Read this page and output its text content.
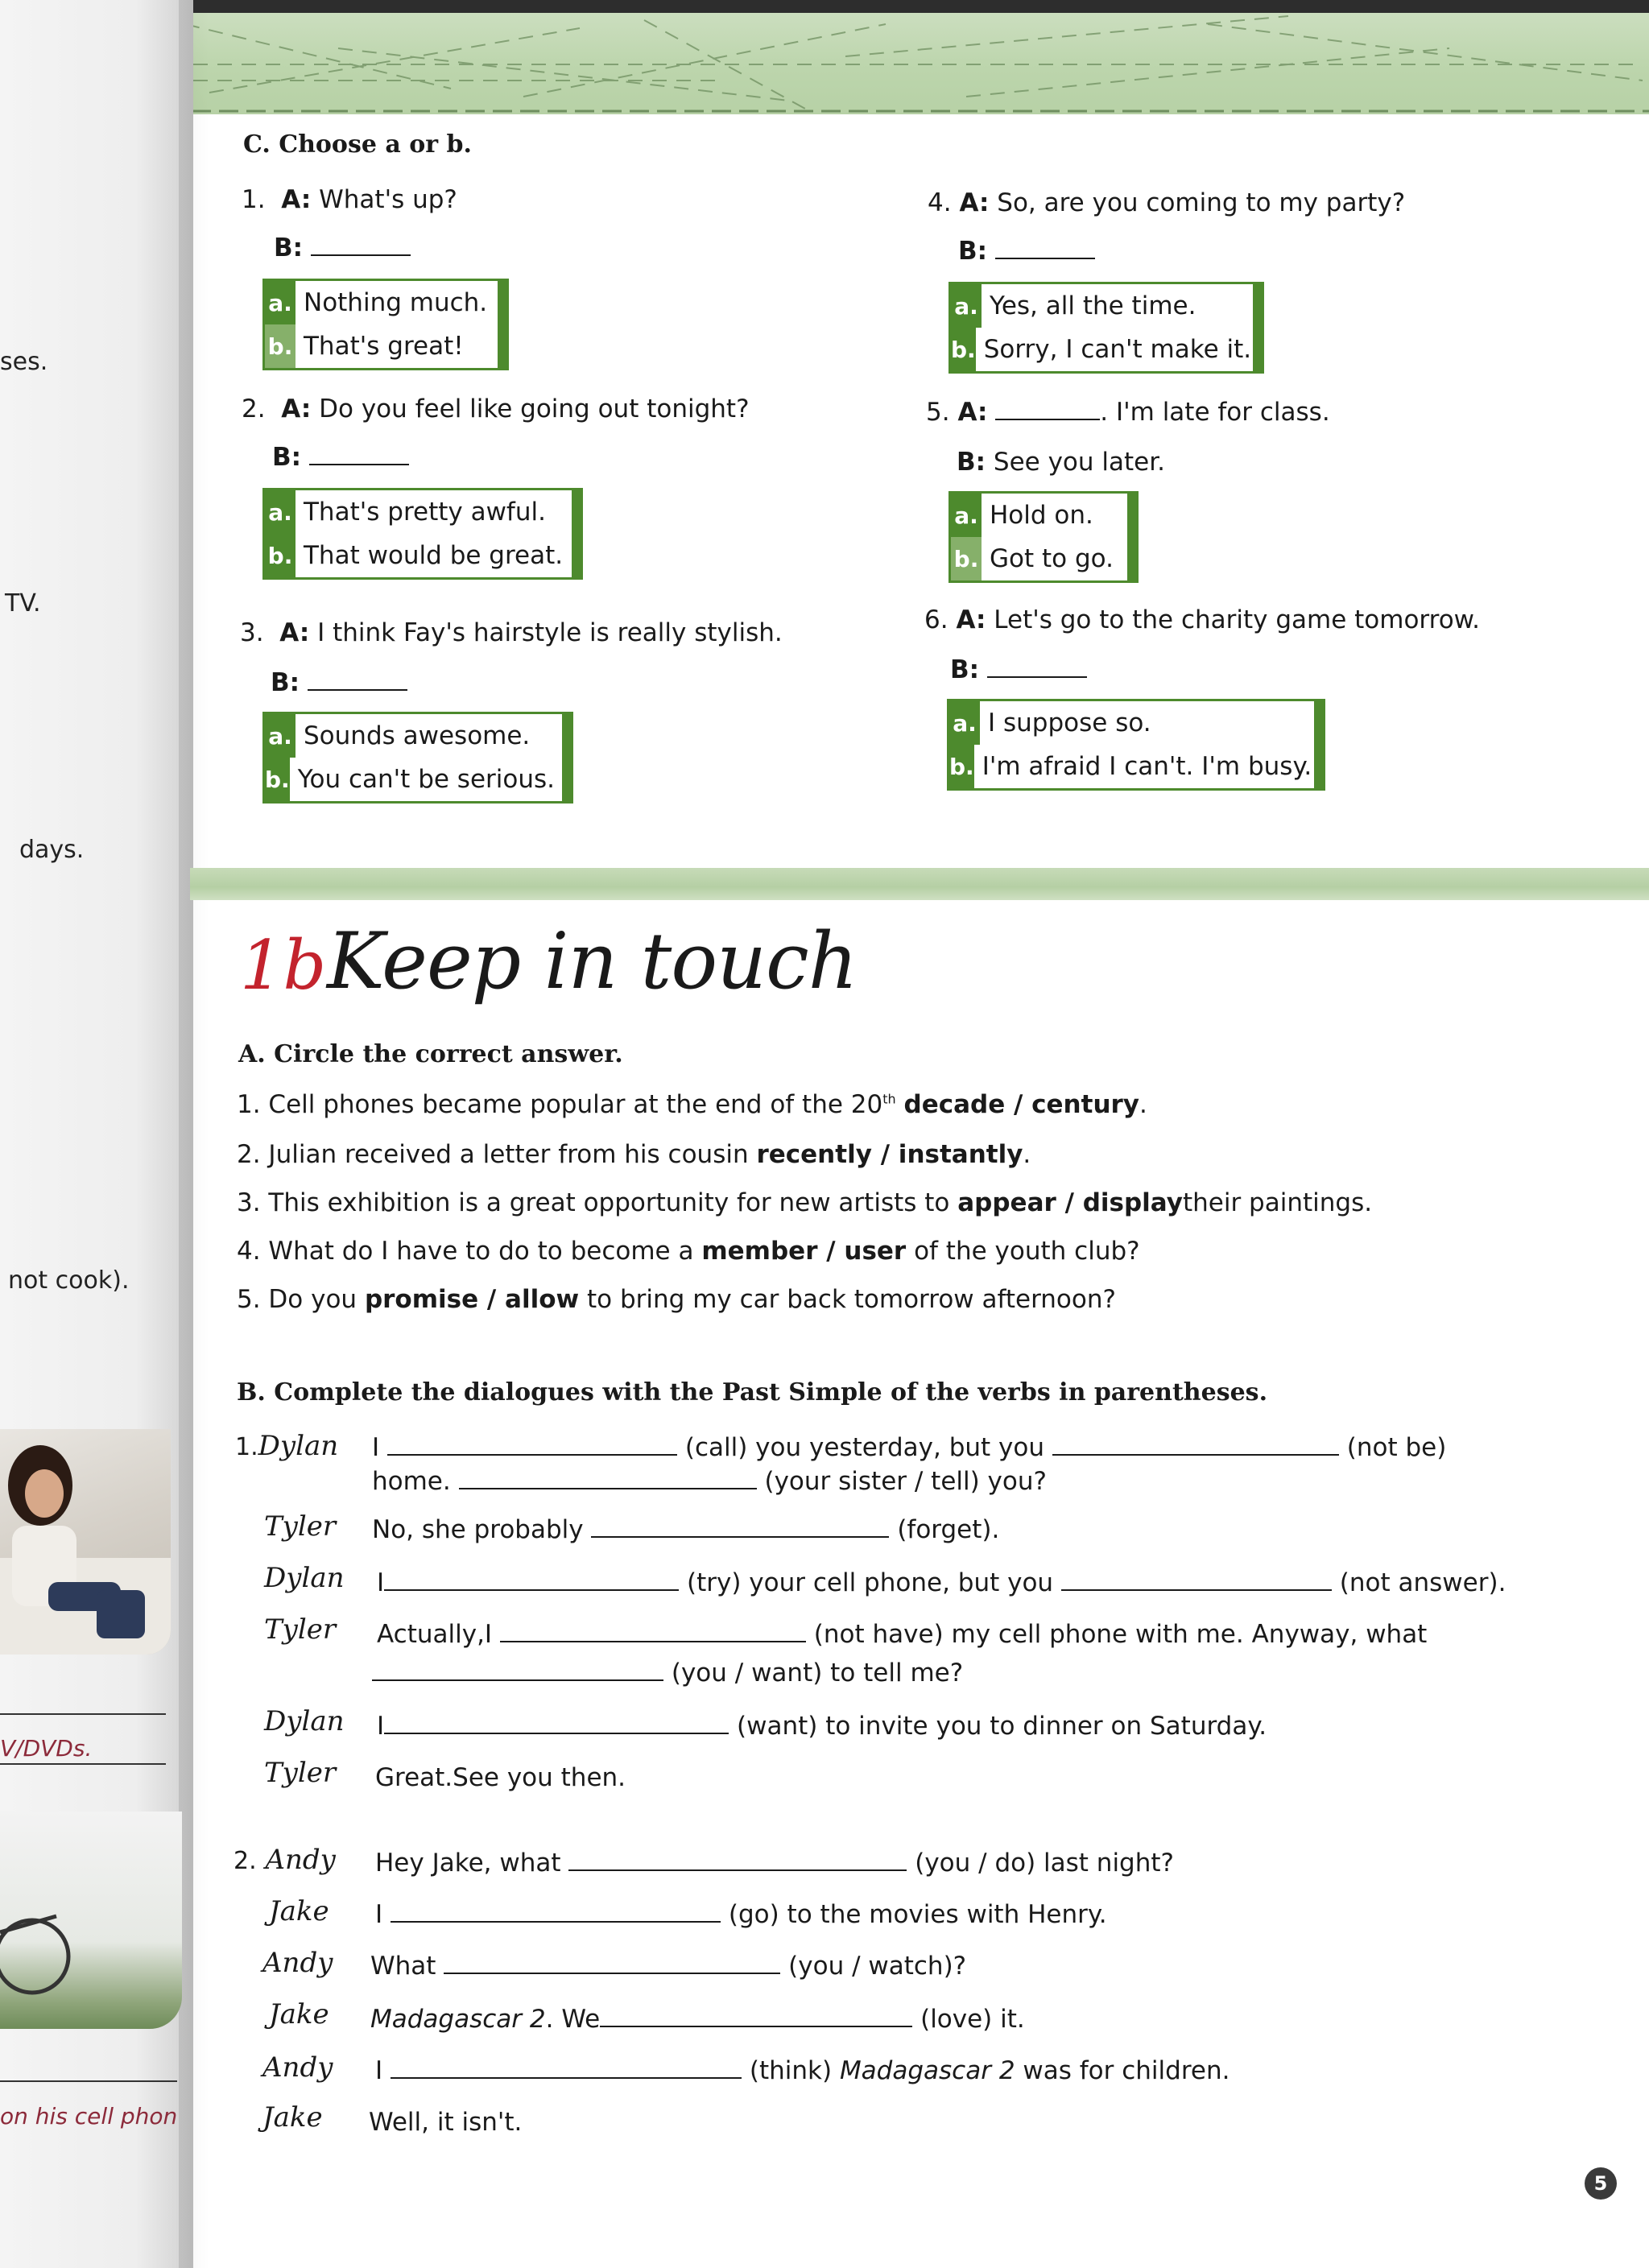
ses.
TV.
days.
not cook).
V/DVDs.
on his cell phon
C. Choose a or b.
1. A: What's up?
B:
a. Nothing much.
b. That's great!
2. A: Do you feel like going out tonight?
B:
a. That's pretty awful.
b. That would be great.
3. A: I think Fay's hairstyle is really stylish.
B:
a. Sounds awesome.
b. You can't be serious.
4. A: So, are you coming to my party?
B:
a. Yes, all the time.
b. Sorry, I can't make it.
5. A:	. I'm late for class.
B: See you later.
a. Hold on.
b. Got to go.
6. A: Let's go to the charity game tomorrow.
B:
a. I suppose so.
b. I'm afraid I can't. I'm busy.
1b Keep in touch
A. Circle the correct answer.
1. Cell phones became popular at the end of the 20th decade / century.
2. Julian received a letter from his cousin recently / instantly.
3. This exhibition is a great opportunity for new artists to appear / displaytheir paintings.
4. What do I have to do to become a member / user of the youth club?
5. Do you promise / allow to bring my car back tomorrow afternoon?
B. Complete the dialogues with the Past Simple of the verbs in parentheses.
1.Dylan I	(call) you yesterday, but you	(not be)
home.	(your sister / tell) you?
Tyler No, she probably	(forget).
Dylan I	(try) your cell phone, but you	(not answer).
Tyler Actually,I	(not have) my cell phone with me. Anyway, what
(you / want) to tell me?
Dylan I	(want) to invite you to dinner on Saturday.
Tyler Great.See you then.
2. Andy Hey Jake, what	(you / do) last night?
Jake I	(go) to the movies with Henry.
Andy What	(you / watch)?
Jake Madagascar 2. We	(love) it.
Andy I	(think) Madagascar 2 was for children.
Jake Well, it isn't.
5
